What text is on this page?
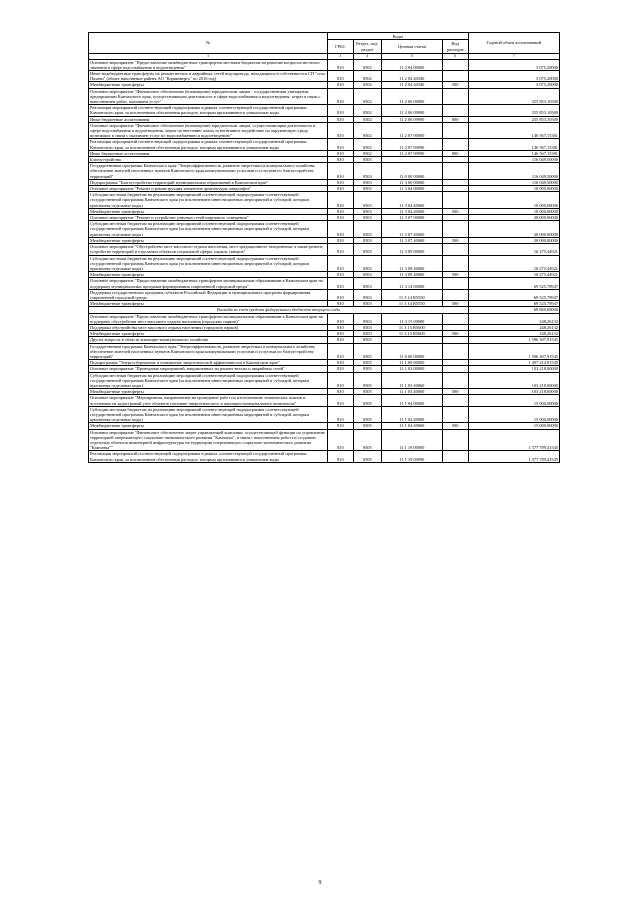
№	Коды				Годовой объем ассигнований
	ГРБС	Раздел, под-раздел	Целевая статья	Вид расходов	
1	3	4	5	6	7
Основное мероприятие "Предоставление межбюджетных трансфертов местным бюджетам на решение вопросов местного значения в сфере водоснабжения и водоотведения"	810	0502	11 2 04 00000		3 075,20000
Иные межбюджетные трансферты на ремонт ветхих и аварийных сетей водопровода, находящихся в собственности СП "село Пахачи" (общее наполнение райнея АО "Корякэнерго" по 2016 год)	810	0502	11 2 04 40340		3 075,20000
Межбюджетные трансферты	810	0502	11 2 04 40340	500	3 075,20000
Основное мероприятие "Финансовое обеспечение (возмещение) юридическим лицам - государственным унитарным предприятиям Камчатского края, осуществляющим деятельность в сфере водоснабжения и водоотведения, затрат в связи с выполнением работ, оказанием услуг"	810	0502	11 2 06 00000		255 853,10500
Реализация мероприятий соответствующей подпрограммы в рамках соответствующей государственной программы Камчатского края, за исключением обеспечения расходов, которым присваиваются уникальные коды	810	0502	11 2 06 09990		255 853,10500
Иные бюджетные ассигнования	810	0502	11 2 06 09990	800	255 853,10500
Основное мероприятие "Финансовое обеспечение (возмещение) юридическим лицам, осуществляющим деятельность в сфере водоснабжения и водоотведения, затрат по внесению платы за негативное воздействие на окружающую среду, возникших в связи с оказанием услуг по водоснабжению и водоотведению"	810	0502	11 2 07 00000		146 567,15381
Реализация мероприятий соответствующей подпрограммы в рамках соответствующей государственной программы Камчатского края, за исключением обеспечения расходов, которым присваиваются уникальные коды	810	0502	11 2 07 09990		146 567,15381
Иные бюджетные ассигнования	810	0502	11 2 07 09990	800	146 567,15381
Благоустройство	810	0503			116 049,50000
Государственная программа Камчатского края "Энергоэффективность, развитие энергетики и коммунального хозяйства, обеспечение жителей населенных пунктов Камчатского края коммунальными услугами и услугами по благоустройству территорий"	810	0503	11 0 00 00000		116 049,50000
Подпрограмма "Благоустройство территорий муниципальных образований в Камчатском крае"	810	0503	11 3 00 00000		116 049,50000
Основное мероприятие "Ремонт и реконструкция элементов архитектуры ландшафта"	810	0503	11 3 04 00000		10 000,00000
Субсидии местным бюджетам на реализацию мероприятий соответствующей подпрограммы соответствующей государственной программы Камчатского края (за исключением инвестиционных мероприятий и субсидий, которым присвоены отдельные коды)	810	0503	11 3 04 40060		10 000,00000
Межбюджетные трансферты	810	0503	11 3 04 40060	500	10 000,00000
Основное мероприятие "Ремонт и устройство уличных сетей наружного освещения"	810	0503	11 3 07 00000		20 000,00000
Субсидии местным бюджетам на реализацию мероприятий соответствующей подпрограммы соответствующей государственной программы Камчатского края (за исключением инвестиционных мероприятий и субсидий, которым присвоены отдельные коды)	810	0503	11 3 07 40060		20 000,00000
Межбюджетные трансферты	810	0503	11 3 07 40060	500	20 000,00000
Основное мероприятие "Обустройство мест массового отдыха населения, мест традиционного захоронения, а также ремонт, устройство территорий и отдельных объектов социальной сферы, парков, скверов"	810	0503	11 3 09 00000		16 275,44921
Субсидии местным бюджетам на реализацию мероприятий соответствующей подпрограммы соответствующей государственной программы Камчатского края (за исключением инвестиционных мероприятий и субсидий, которым присвоены отдельные коды)	810	0503	11 3 09 40060		16 275,44921
Межбюджетные трансферты	810	0503	11 3 09 40060	500	16 275,44921
Основное мероприятие "Предоставление межбюджетных трансфертов муниципальным образованиям в Камчатском крае на поддержку муниципальных программ формирования современной городской среды"	810	0503	11 3 14 00000		69 525,78947
Поддержка государственных программ субъектов Российской Федерации и муниципальных программ формирования современной городской среды	810	0503	11 3 14 R5550		69 525,78947
Межбюджетные трансферты	810	0503	11 3 14 R5550	500	69 525,78947
Расходы за счет средств федерального бюджета текущего года					68 869,69000
Основное мероприятие "Предоставление межбюджетных трансфертов муниципальным образованиям в Камчатском крае на поддержку обустройства мест массового отдыха населения (городских парков)"	810	0503	11 3 15 00000		248,26132
Поддержка обустройства мест массового отдыха населения (городских парков)	810	0503	11 3 15 R5600		248,26132
Межбюджетные трансферты	810	0503	11 3 15 R5600	500	248,26132
Другие вопросы в области жилищно-коммунального хозяйства	810	0505			1 596 307,91545
Государственная программа Камчатского края "Энергоэффективность, развитие энергетики и коммунального хозяйства, обеспечение жителей населенных пунктов Камчатского края коммунальными услугами и услугами по благоустройству территорий"	810	0505	11 0 00 00000		1 596 307,91545
Подпрограмма "Энергосбережение и повышение энергетической эффективности в Камчатском крае"	810	0505	11 1 00 00000		1 497 214,91545
Основное мероприятие "Проведение мероприятий, направленных на ремонт ветхих и аварийных сетей"	810	0505	11 1 03 00000		103 218,00000
Субсидии местным бюджетам на реализацию мероприятий соответствующей подпрограммы соответствующей государственной программы Камчатского края (за исключением инвестиционных мероприятий и субсидий, которым присвоены отдельные коды)	810	0505	11 1 03 40060		103 218,00000
Межбюджетные трансферты	810	0505	11 1 03 40060	500	103 218,00000
Основное мероприятие "Мероприятия, направленные на проведение работ по изготовлению технических планов и постановке на кадастровый учет объектов топливно-энергетического и жилищно-коммунального комплексов"	810	0505	11 1 04 00000		15 000,00000
Субсидии местным бюджетам на реализацию мероприятий соответствующей подпрограммы соответствующей государственной программы Камчатского края (за исключением инвестиционных мероприятий и субсидий, которым присвоены отдельные коды)	810	0505	11 1 04 40060		15 000,00000
Межбюджетные трансферты	810	0505	11 1 04 40060	500	15 000,00000
Основное мероприятие "Финансовое обеспечение затрат управляющей компании, осуществляющей функции по управлению территорией опережающего социально-экономического развития "Камчатка", в связи с выполнением работ по созданию отдельных объектов инженерной инфраструктуры на территории опережающего социально-экономического развития "Камчатка""	810	0505	11 1 19 00000		1 377 789,41545
Реализация мероприятий соответствующей подпрограммы в рамках соответствующей государственной программы Камчатского края, за исключением обеспечения расходов, которым присваиваются уникальные коды	810	0505	11 1 19 09990		1 377 789,41545
9
